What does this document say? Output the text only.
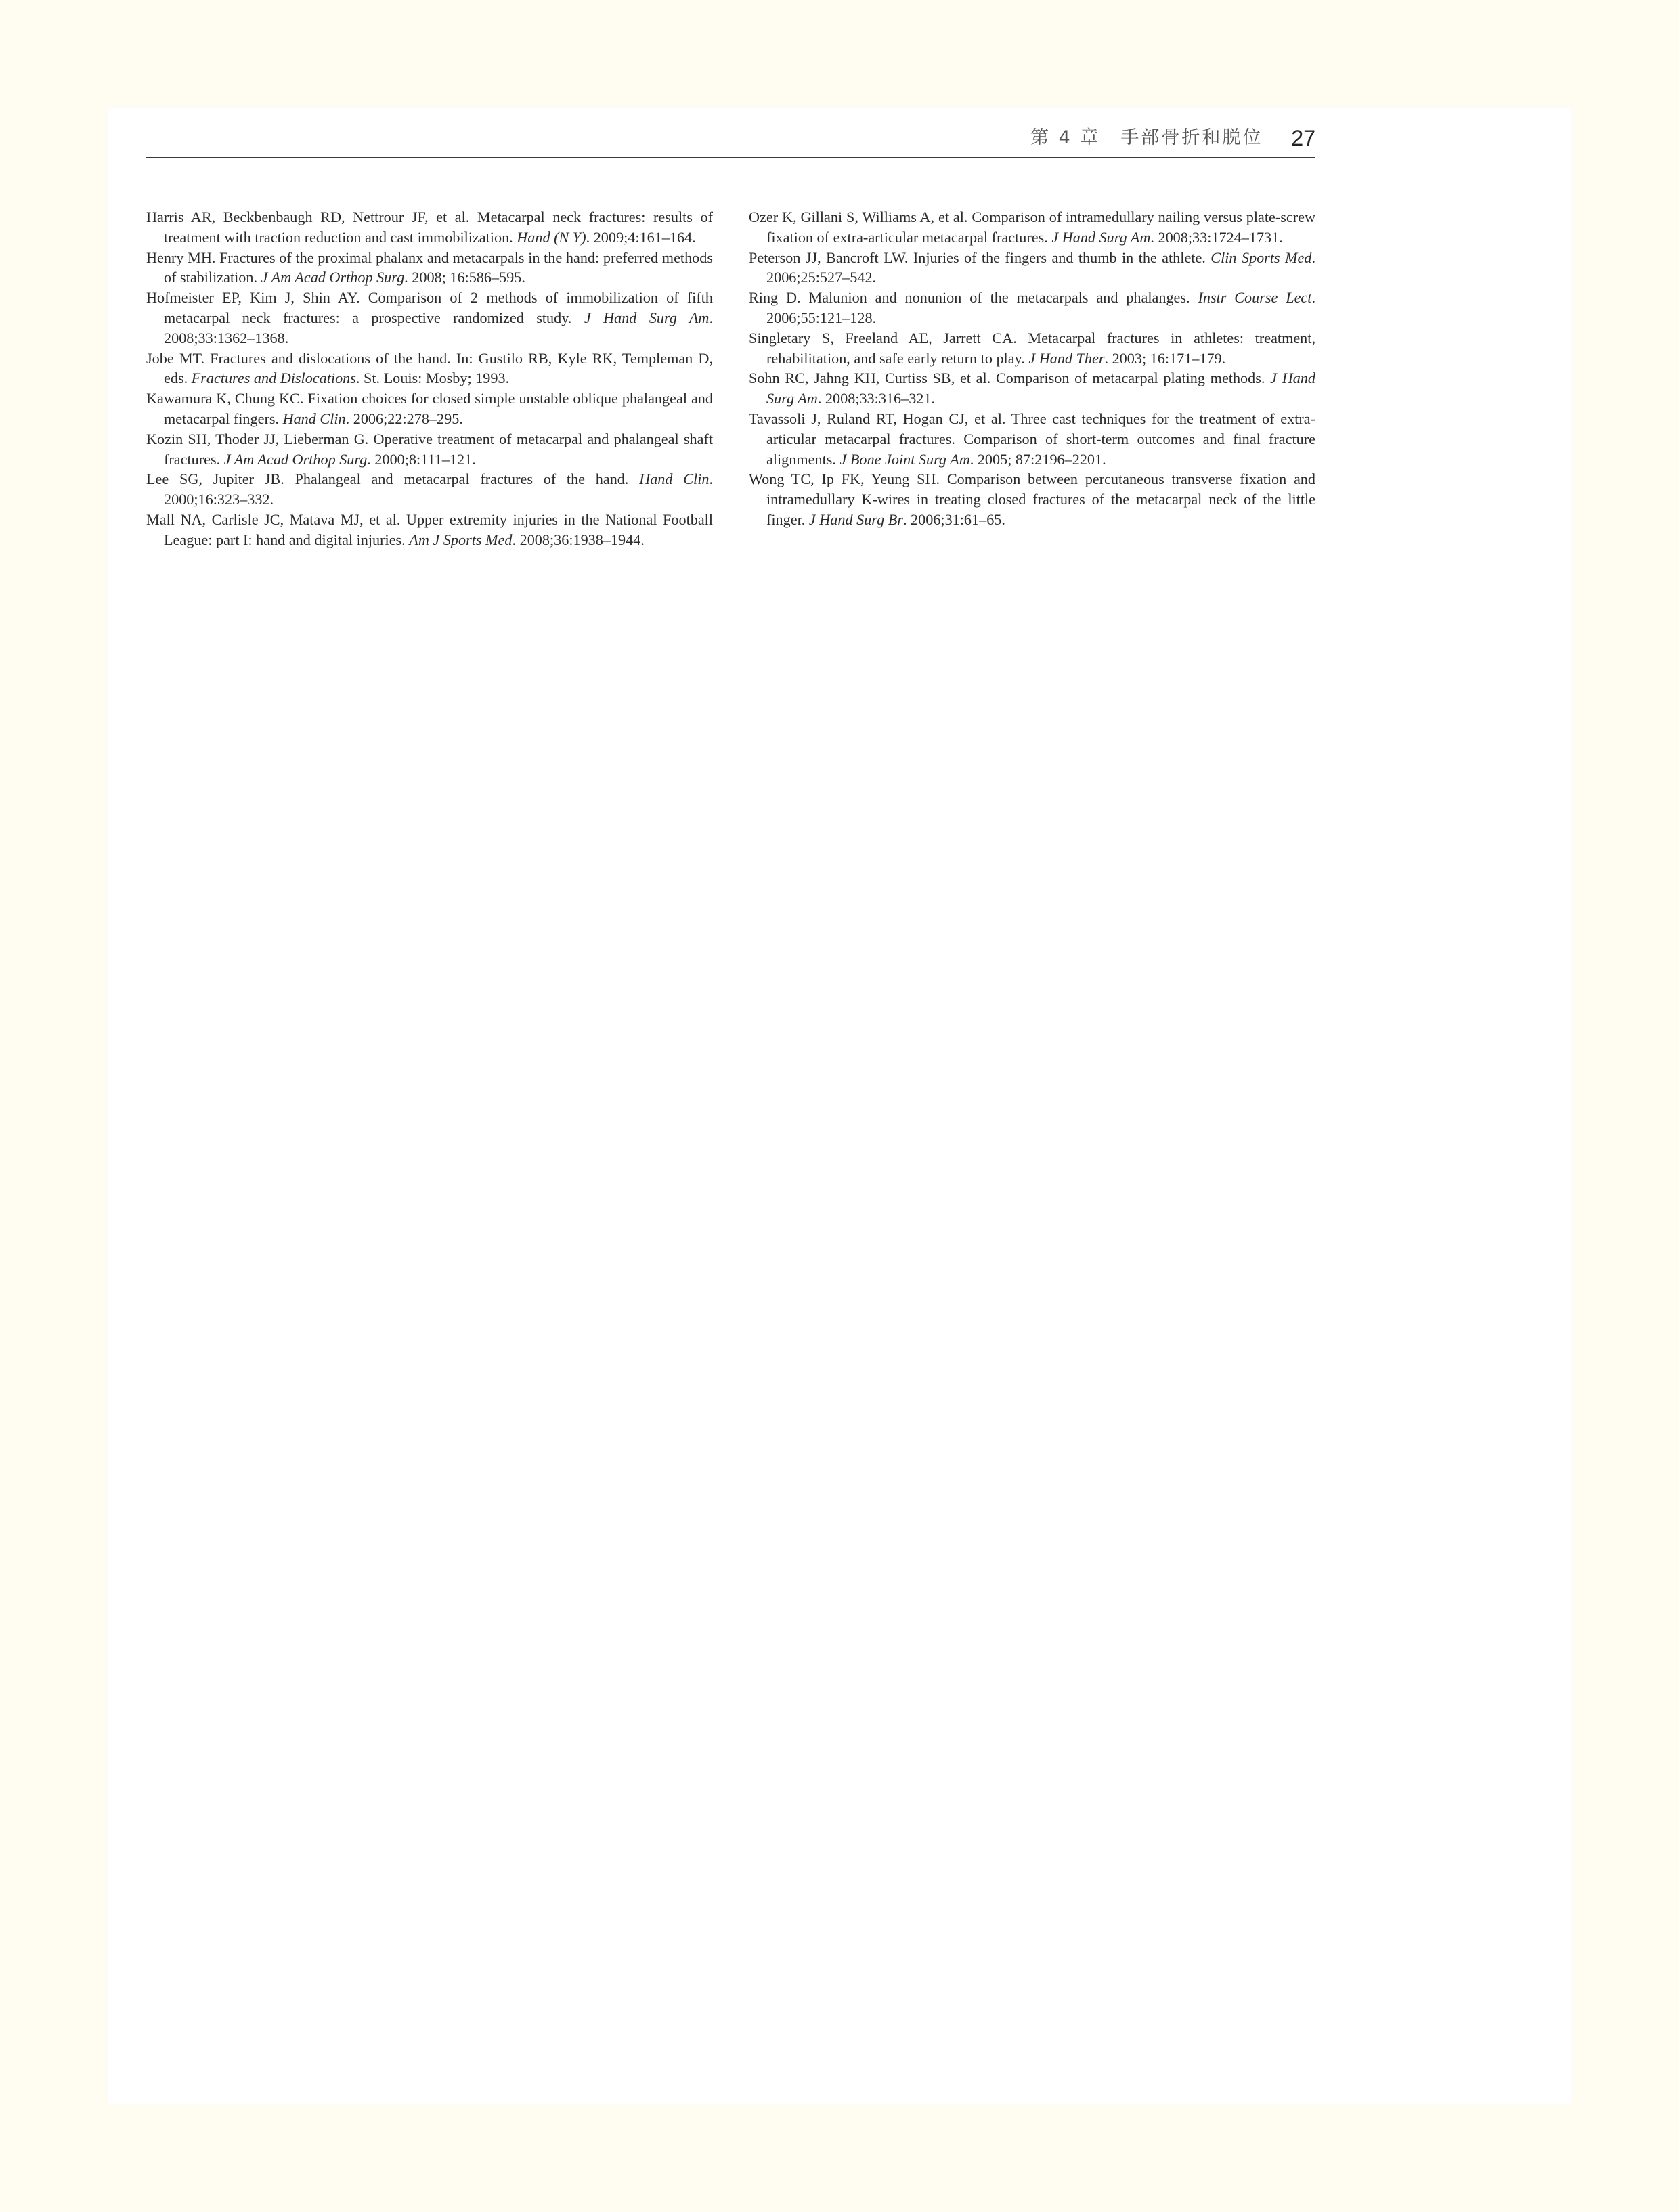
第 4 章　手部骨折和脱位 27

Harris AR, Beckbenbaugh RD, Nettrour JF, et al. Metacarpal neck fractures: results of treatment with traction reduction and cast immobilization. Hand (N Y). 2009;4:161–164.

Henry MH. Fractures of the proximal phalanx and metacarpals in the hand: preferred methods of stabilization. J Am Acad Orthop Surg. 2008; 16:586–595.

Hofmeister EP, Kim J, Shin AY. Comparison of 2 methods of immobilization of fifth metacarpal neck fractures: a prospective randomized study. J Hand Surg Am. 2008;33:1362–1368.

Jobe MT. Fractures and dislocations of the hand. In: Gustilo RB, Kyle RK, Templeman D, eds. Fractures and Dislocations. St. Louis: Mosby; 1993.

Kawamura K, Chung KC. Fixation choices for closed simple unstable oblique phalangeal and metacarpal fingers. Hand Clin. 2006;22:278–295.

Kozin SH, Thoder JJ, Lieberman G. Operative treatment of metacarpal and phalangeal shaft fractures. J Am Acad Orthop Surg. 2000;8:111–121.

Lee SG, Jupiter JB. Phalangeal and metacarpal fractures of the hand. Hand Clin. 2000;16:323–332.

Mall NA, Carlisle JC, Matava MJ, et al. Upper extremity injuries in the National Football League: part I: hand and digital injuries. Am J Sports Med. 2008;36:1938–1944.

Ozer K, Gillani S, Williams A, et al. Comparison of intramedullary nailing versus plate-screw fixation of extra-articular metacarpal fractures. J Hand Surg Am. 2008;33:1724–1731.

Peterson JJ, Bancroft LW. Injuries of the fingers and thumb in the athlete. Clin Sports Med. 2006;25:527–542.

Ring D. Malunion and nonunion of the metacarpals and phalanges. Instr Course Lect. 2006;55:121–128.

Singletary S, Freeland AE, Jarrett CA. Metacarpal fractures in athletes: treatment, rehabilitation, and safe early return to play. J Hand Ther. 2003; 16:171–179.

Sohn RC, Jahng KH, Curtiss SB, et al. Comparison of metacarpal plating methods. J Hand Surg Am. 2008;33:316–321.

Tavassoli J, Ruland RT, Hogan CJ, et al. Three cast techniques for the treatment of extra-articular metacarpal fractures. Comparison of short-term outcomes and final fracture alignments. J Bone Joint Surg Am. 2005; 87:2196–2201.

Wong TC, Ip FK, Yeung SH. Comparison between percutaneous transverse fixation and intramedullary K-wires in treating closed fractures of the metacarpal neck of the little finger. J Hand Surg Br. 2006;31:61–65.
